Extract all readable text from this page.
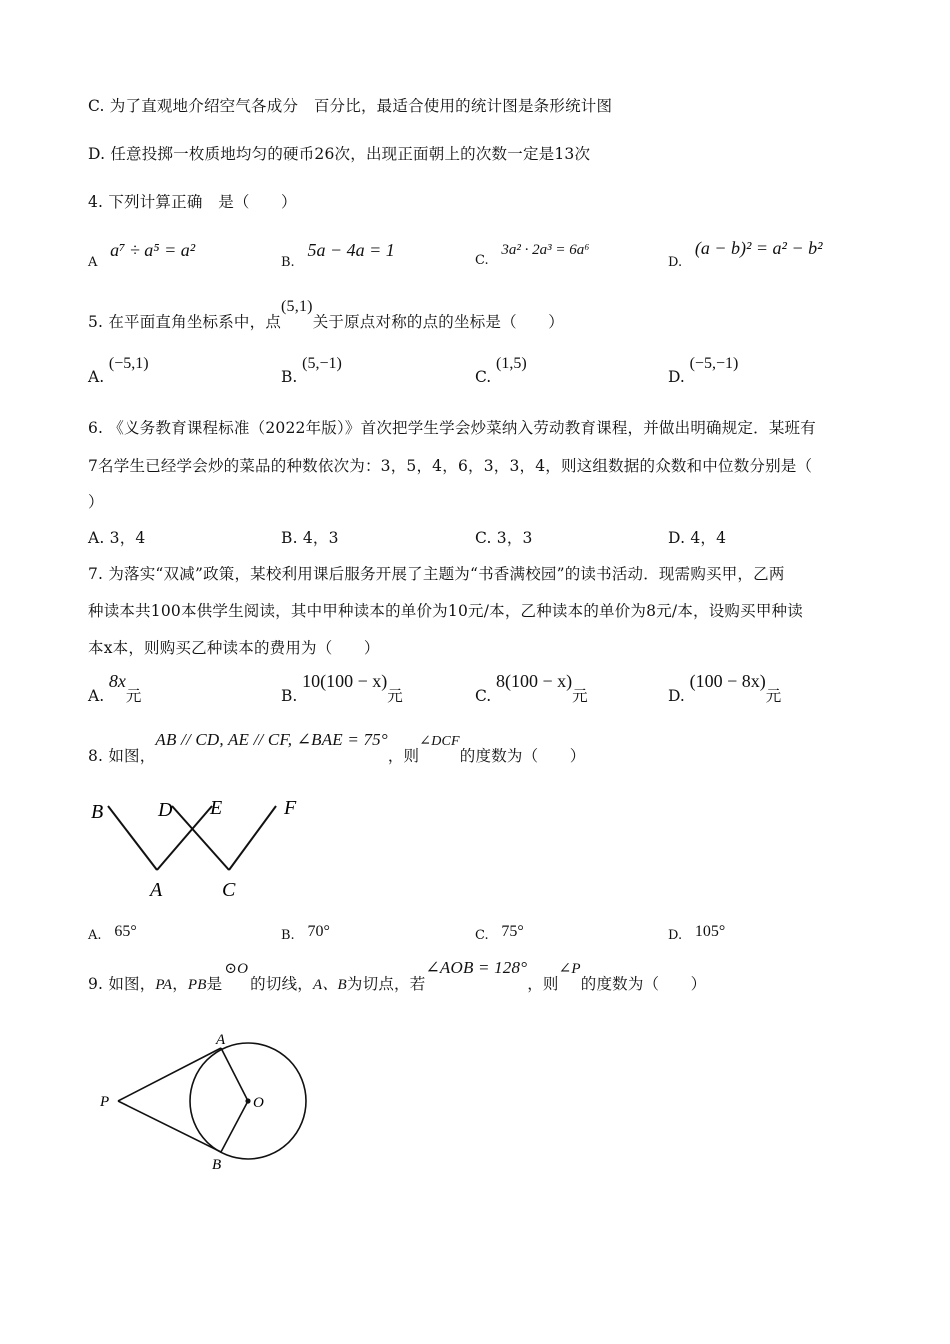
C. 为了直观地介绍空气各成分　百分比，最适合使用的统计图是条形统计图
D. 任意投掷一枚质地均匀的硬币26次，出现正面朝上的次数一定是13次
4. 下列计算正确　是（　　）
A a⁷ ÷ a⁵ = a²
B. 5a − 4a = 1
C. 3a² · 2a³ = 6a⁶
D. (a − b)² = a² − b²
5. 在平面直角坐标系中，点(5,1)关于原点对称的点的坐标是（　　）
A. (−5,1)
B. (5,−1)
C. (1,5)
D. (−5,−1)
6. 《义务教育课程标准（2022年版）》首次把学生学会炒菜纳入劳动教育课程，并做出明确规定．某班有
7名学生已经学会炒的菜品的种数依次为：3，5，4，6，3，3，4，则这组数据的众数和中位数分别是（
）
A. 3，4	B. 4，3	C. 3，3	D. 4，4
7. 为落实“双减”政策，某校利用课后服务开展了主题为“书香满校园”的读书活动．现需购买甲，乙两
种读本共100本供学生阅读，其中甲种读本的单价为10元/本，乙种读本的单价为8元/本，设购买甲种读
本x本，则购买乙种读本的费用为（　　）
A. 8x元	B. 10(100 − x)元	C. 8(100 − x)元	D. (100 − 8x)元
8. 如图，AB // CD, AE // CF, ∠BAE = 75°，则∠DCF的度数为（　　）
B	D E	F
A	C
A. 65°	B. 70°	C. 75°	D. 105°
9. 如图，PA，PB是⊙O的切线，A、B为切点，若∠AOB = 128°，则∠P的度数为（　　）
A
B
P	O
